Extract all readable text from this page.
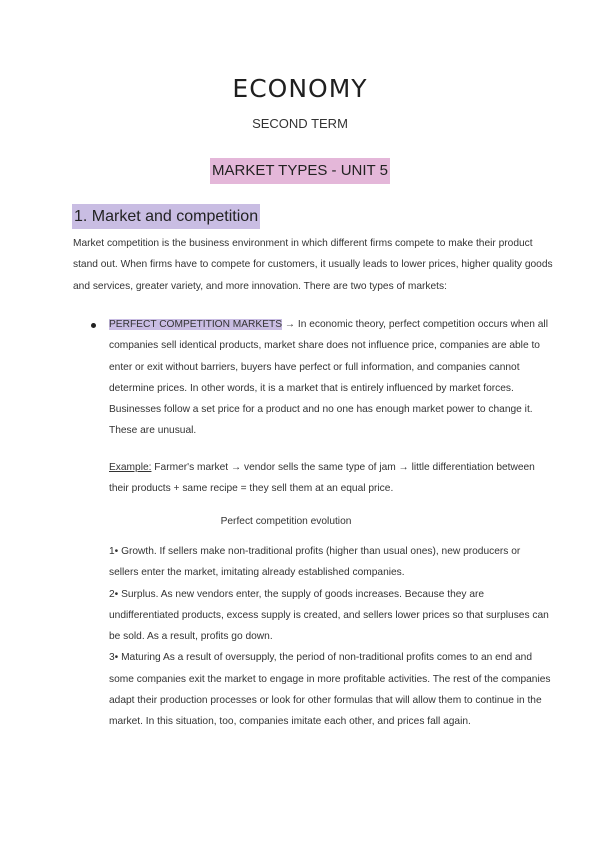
ECONOMY
SECOND TERM
MARKET TYPES - UNIT 5
1. Market and competition

Market competition is the business environment in which different firms compete to make their product stand out. When firms have to compete for customers, it usually leads to lower prices, higher quality goods and services, greater variety, and more innovation. There are two types of markets:

PERFECT COMPETITION MARKETS → In economic theory, perfect competition occurs when all companies sell identical products, market share does not influence price, companies are able to enter or exit without barriers, buyers have perfect or full information, and companies cannot determine prices. In other words, it is a market that is entirely influenced by market forces. Businesses follow a set price for a product and no one has enough market power to change it. These are unusual.

Example: Farmer's market → vendor sells the same type of jam → little differentiation between their products + same recipe = they sell them at an equal price.

Perfect competition evolution

1• Growth. If sellers make non-traditional profits (higher than usual ones), new producers or sellers enter the market, imitating already established companies.

2• Surplus. As new vendors enter, the supply of goods increases. Because they are undifferentiated products, excess supply is created, and sellers lower prices so that surpluses can be sold. As a result, profits go down.

3• Maturing As a result of oversupply, the period of non-traditional profits comes to an end and some companies exit the market to engage in more profitable activities. The rest of the companies adapt their production processes or look for other formulas that will allow them to continue in the market. In this situation, too, companies imitate each other, and prices fall again.
